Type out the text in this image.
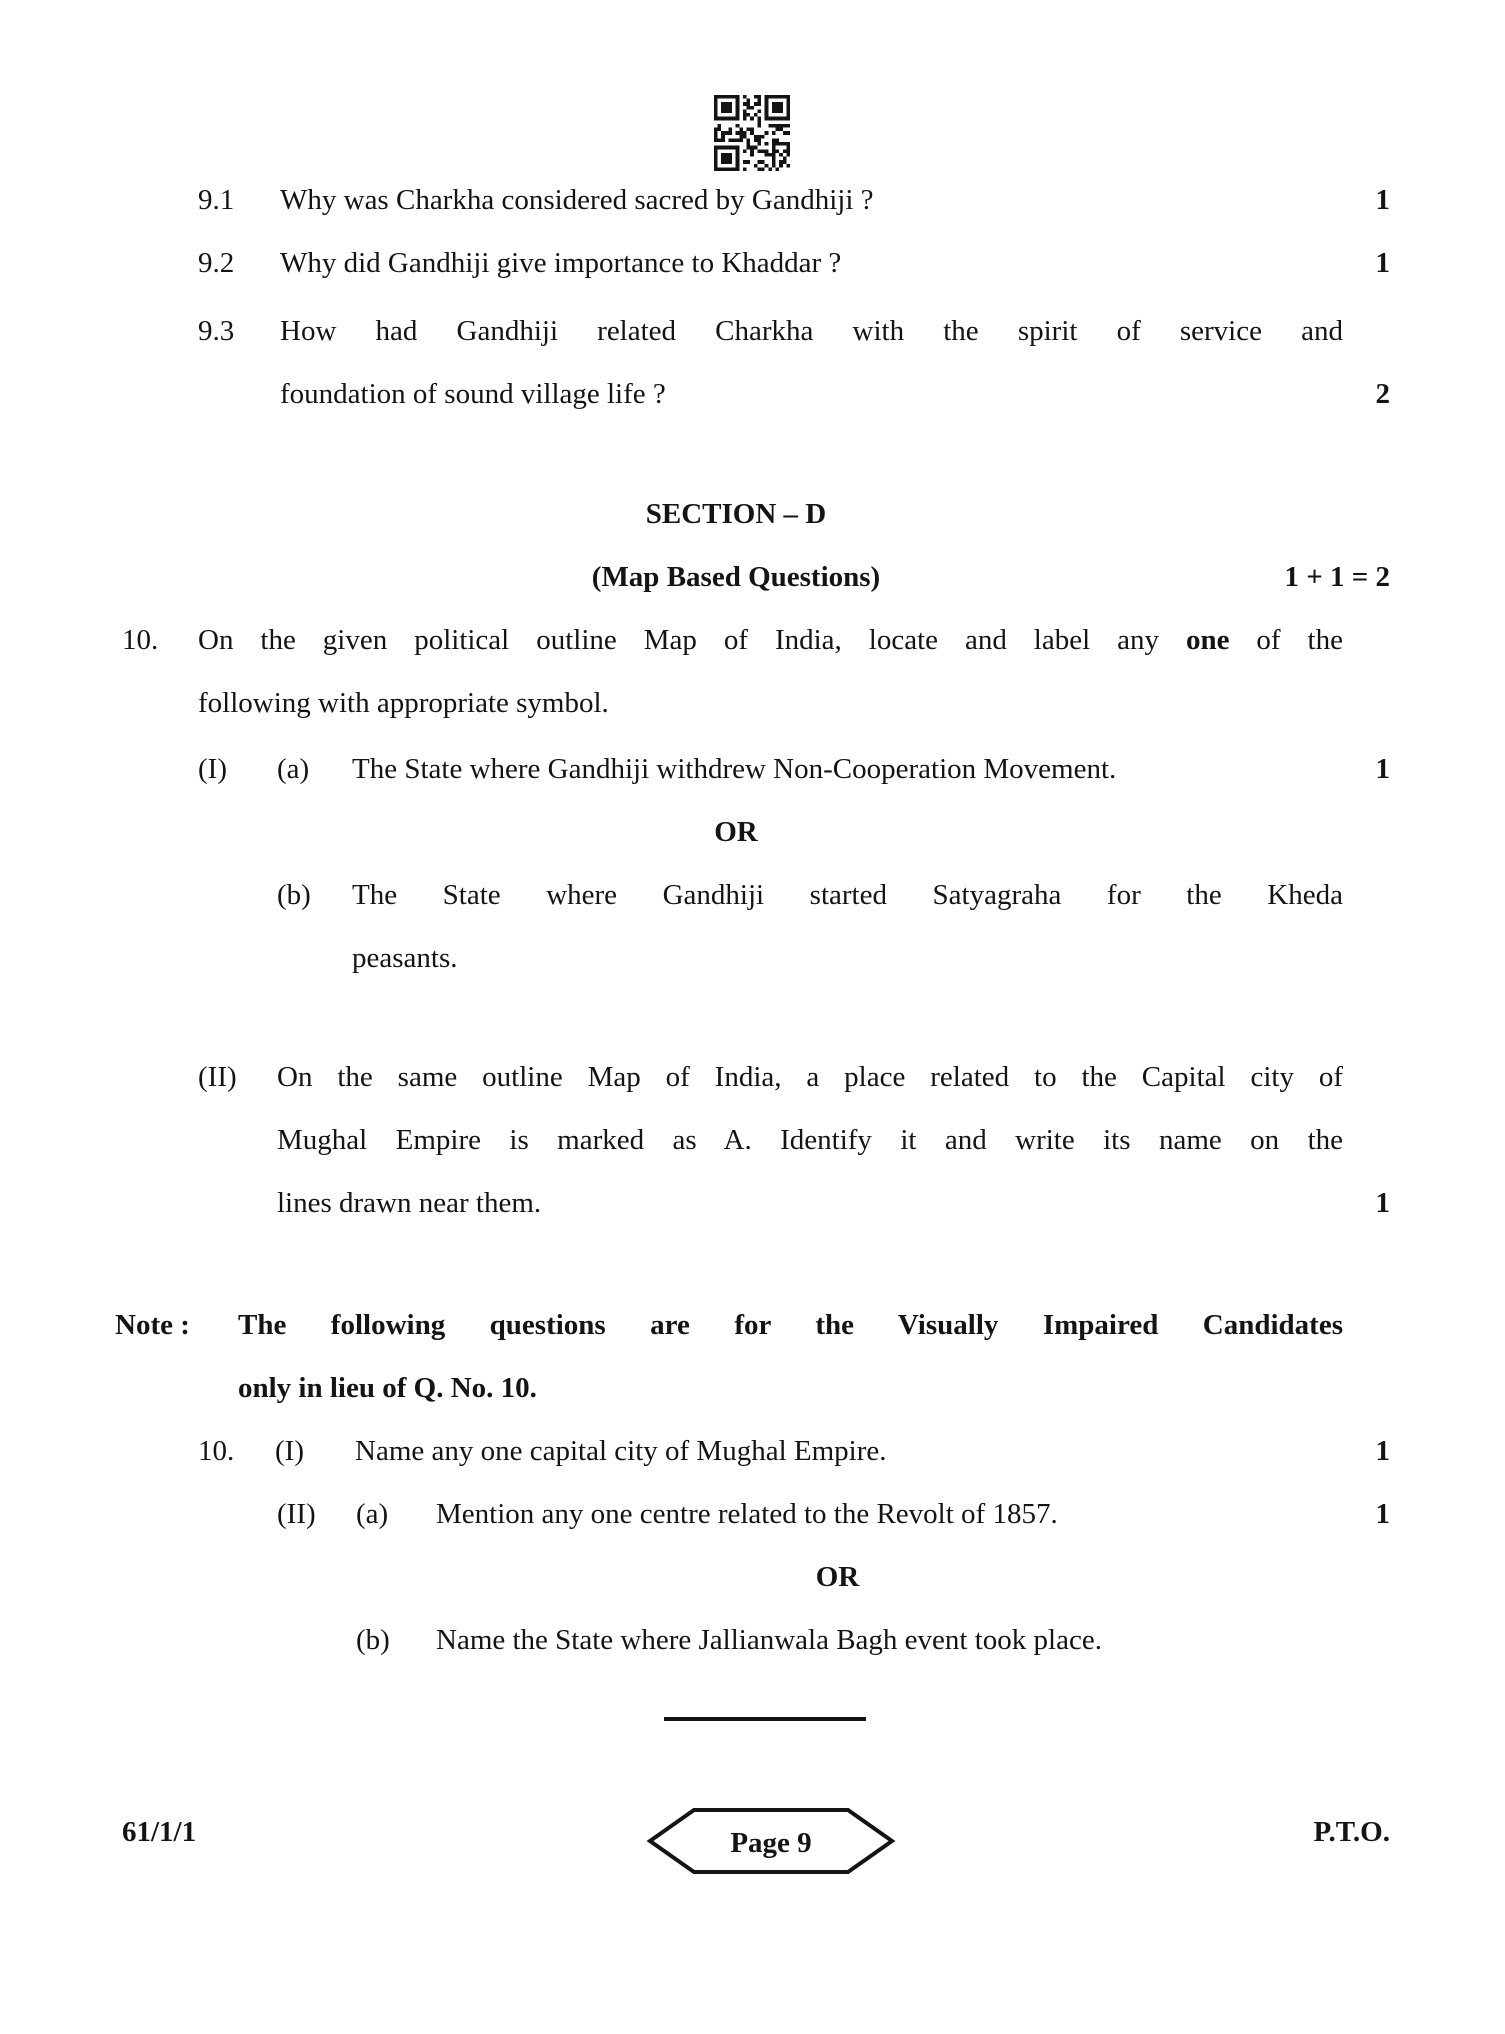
9.1	Why was Charkha considered sacred by Gandhiji ?	1
9.2	Why did Gandhiji give importance to Khaddar ?	1
9.3	How had Gandhiji related Charkha with the spirit of service and
foundation of sound village life ?	2
SECTION – D
(Map Based Questions)	1 + 1 = 2
10.	On the given political outline Map of India, locate and label any one of the
following with appropriate symbol.
(I)	(a)	The State where Gandhiji withdrew Non-Cooperation Movement.	1
OR
(b)	The State where Gandhiji started Satyagraha for the Kheda
peasants.
(II)	On the same outline Map of India, a place related to the Capital city of
Mughal Empire is marked as A. Identify it and write its name on the
lines drawn near them.	1
Note :	The following questions are for the Visually Impaired Candidates
only in lieu of Q. No. 10.
10.	(I)	Name any one capital city of Mughal Empire.	1
(II)	(a)	Mention any one centre related to the Revolt of 1857.	1
OR
(b)	Name the State where Jallianwala Bagh event took place.
61/1/1	Page 9	P.T.O.
